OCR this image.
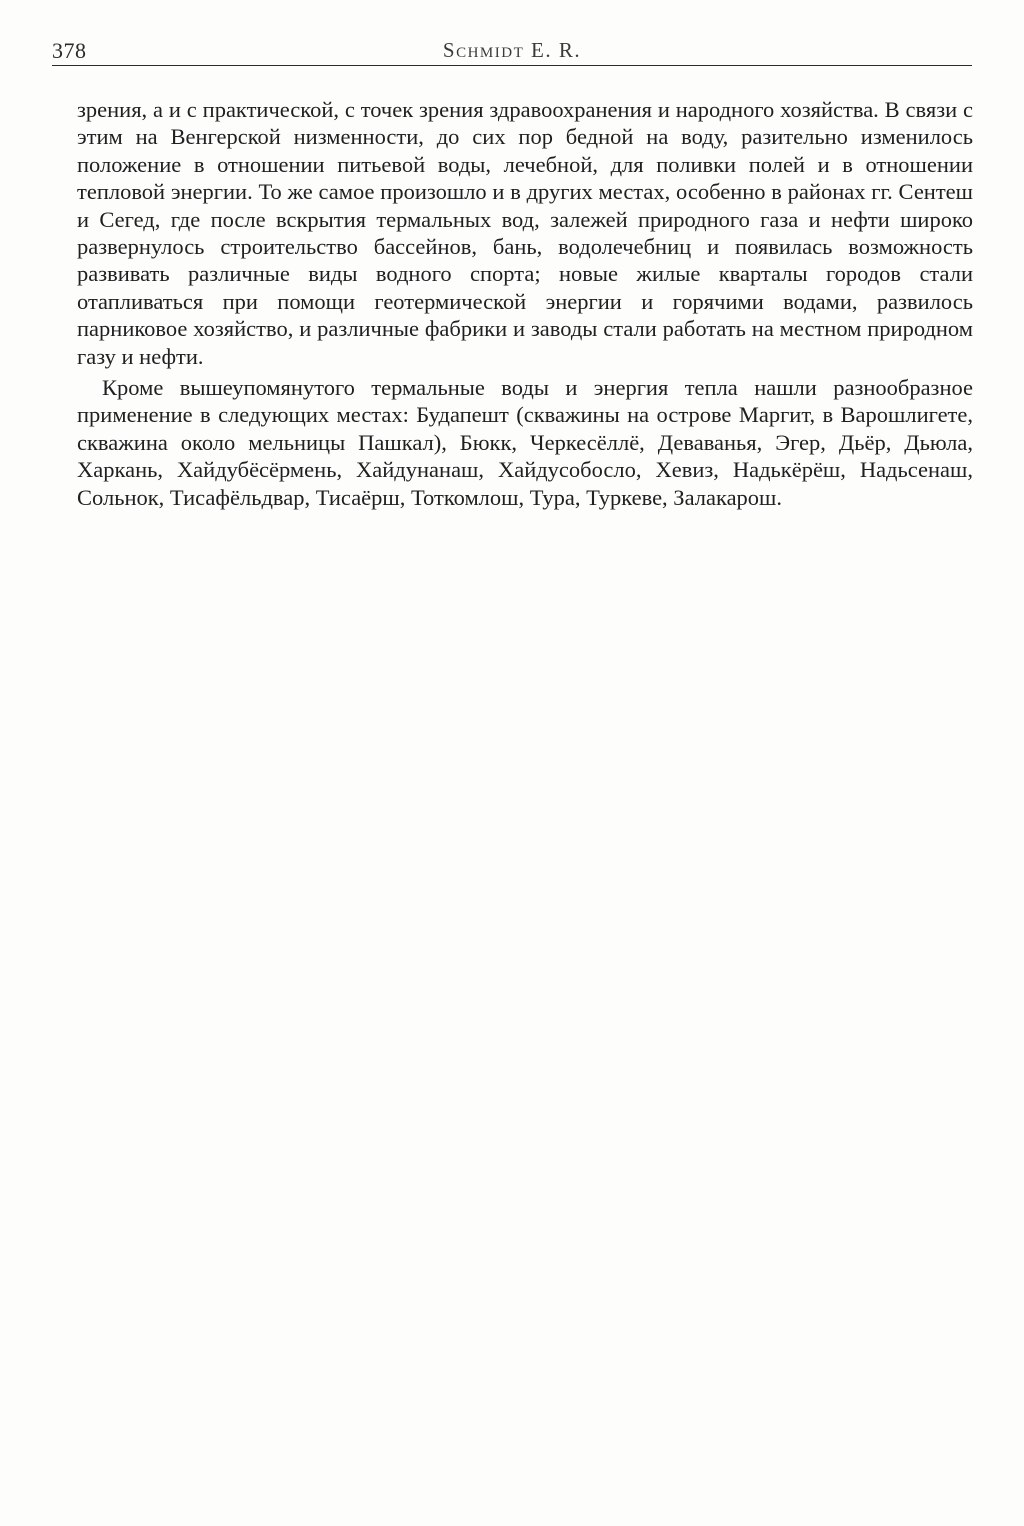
378	Schmidt E. R.

зрения, а и с практической, с точек зрения здравоохранения и народного хозяйства. В связи с этим на Венгерской низменности, до сих пор бедной на воду, разительно изменилось положение в отношении питьевой воды, лечебной, для поливки полей и в отношении тепловой энергии. То же самое произошло и в других местах, особенно в районах гг. Сентеш и Сегед, где после вскрытия термальных вод, залежей природного газа и нефти широко развернулось строительство бассейнов, бань, водолечебниц и появилась возможность развивать различные виды водного спорта; новые жилые кварталы городов стали отапливаться при помощи геотермической энергии и горячими водами, развилось парниковое хозяйство, и различные фабрики и заводы стали работать на местном природном газу и нефти.

Кроме вышеупомянутого термальные воды и энергия тепла нашли разнообразное применение в следующих местах: Будапешт (скважины на острове Маргит, в Варошлигете, скважина около мельницы Пашкал), Бюкк, Черкесёллё, Деваванья, Эгер, Дьёр, Дьюла, Харкань, Хайдубёсёрмень, Хайдунанаш, Хайдусобосло, Хевиз, Надькёрёш, Надьсенаш, Сольнок, Тисафёльдвар, Тисаёрш, Тоткомлош, Тура, Туркеве, Залакарош.
